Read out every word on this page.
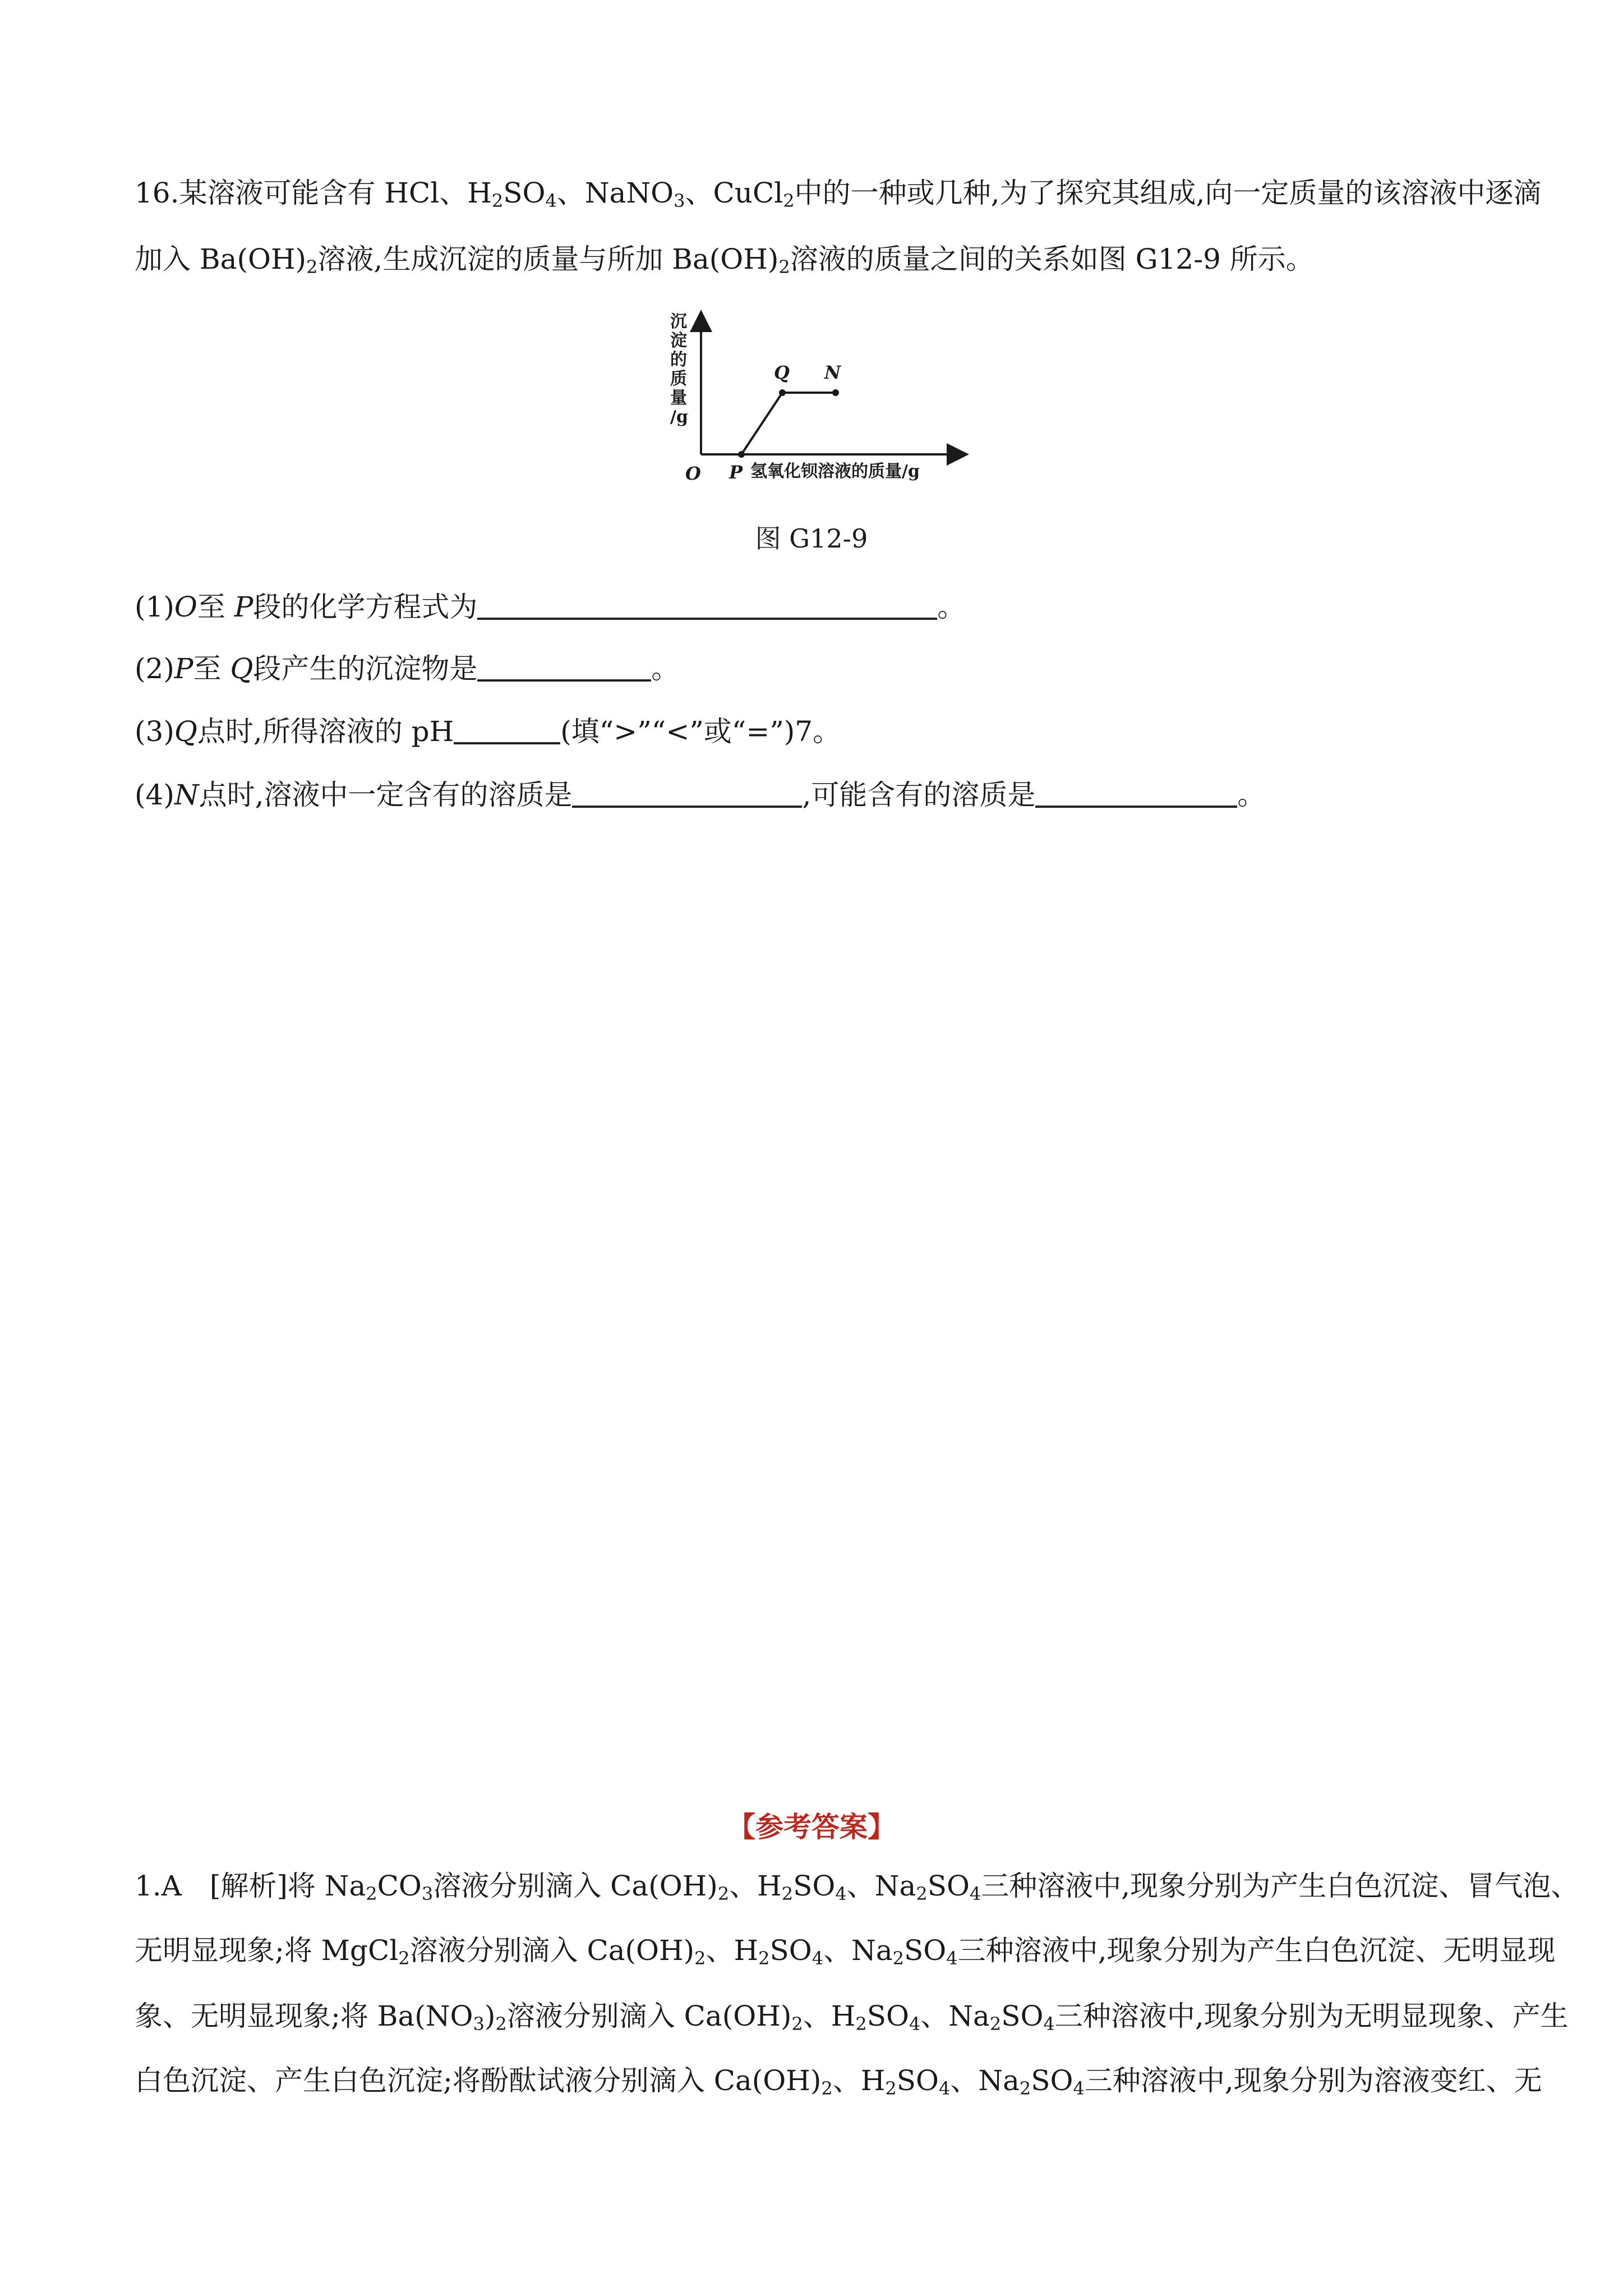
16.某溶液可能含有 HCl、$H_2SO_4$、NaNO$_3$、CuCl$_2$中的一种或几种,为了探究其组成,向一定质量的该溶液中逐滴
加入 $Ba(OH)_2$溶液,生成沉淀的质量与所加 $Ba(OH)_2$溶液的质量之间的关系如图 G12-9 所示。
沉
淀
的
质
量
/g
O P
Q N
氢氧化钡溶液的质量/g
图 G12-9
(1)O至 P段的化学方程式为	。
(2)P至 Q段产生的沉淀物是	。
(3)Q点时,所得溶液的 pH	(填“>”“<”或“=”)7。
(4)N点时,溶液中一定含有的溶质是	,可能含有的溶质是	。
【参考答案】
1.A　[解析]将 $Na_2CO_3$溶液分别滴入 $Ca(OH)_2$、$H_2SO_4$、$Na_2SO_4$三种溶液中,现象分别为产生白色沉淀、冒气泡、
无明显现象;将 MgCl$_2$溶液分别滴入 $Ca(OH)_2$、$H_2SO_4$、$Na_2SO_4$三种溶液中,现象分别为产生白色沉淀、无明显现
象、无明显现象;将 $Ba(NO_3)_2$溶液分别滴入 $Ca(OH)_2$、$H_2SO_4$、$Na_2SO_4$三种溶液中,现象分别为无明显现象、产生
白色沉淀、产生白色沉淀;将酚酞试液分别滴入 $Ca(OH)_2$、$H_2SO_4$、$Na_2SO_4$三种溶液中,现象分别为溶液变红、无
